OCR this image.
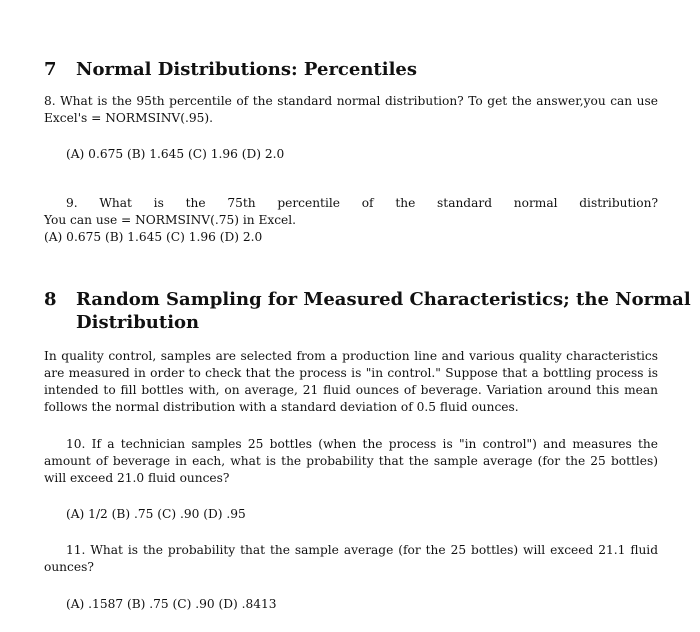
7 Normal Distributions: Percentiles
8. What is the 95th percentile of the standard normal distribution? To get the answer,you can use
Excel's = NORMSINV(.95).
(A) 0.675 (B) 1.645 (C) 1.96 (D) 2.0
9. What is the 75th percentile of the standard normal distribution?
You can use = NORMSINV(.75) in Excel.
(A) 0.675 (B) 1.645 (C) 1.96 (D) 2.0
8 Random Sampling for Measured Characteristics; the Normal
Distribution
In quality control, samples are selected from a production line and various quality characteristics
are measured in order to check that the process is "in control." Suppose that a bottling process is
intended to fill bottles with, on average, 21 fluid ounces of beverage. Variation around this mean
follows the normal distribution with a standard deviation of 0.5 fluid ounces.
10. If a technician samples 25 bottles (when the process is "in control") and measures the
amount of beverage in each, what is the probability that the sample average (for the 25 bottles)
will exceed 21.0 fluid ounces?
(A) 1/2 (B) .75 (C) .90 (D) .95
11. What is the probability that the sample average (for the 25 bottles) will exceed 21.1 fluid
ounces?
(A) .1587 (B) .75 (C) .90 (D) .8413
